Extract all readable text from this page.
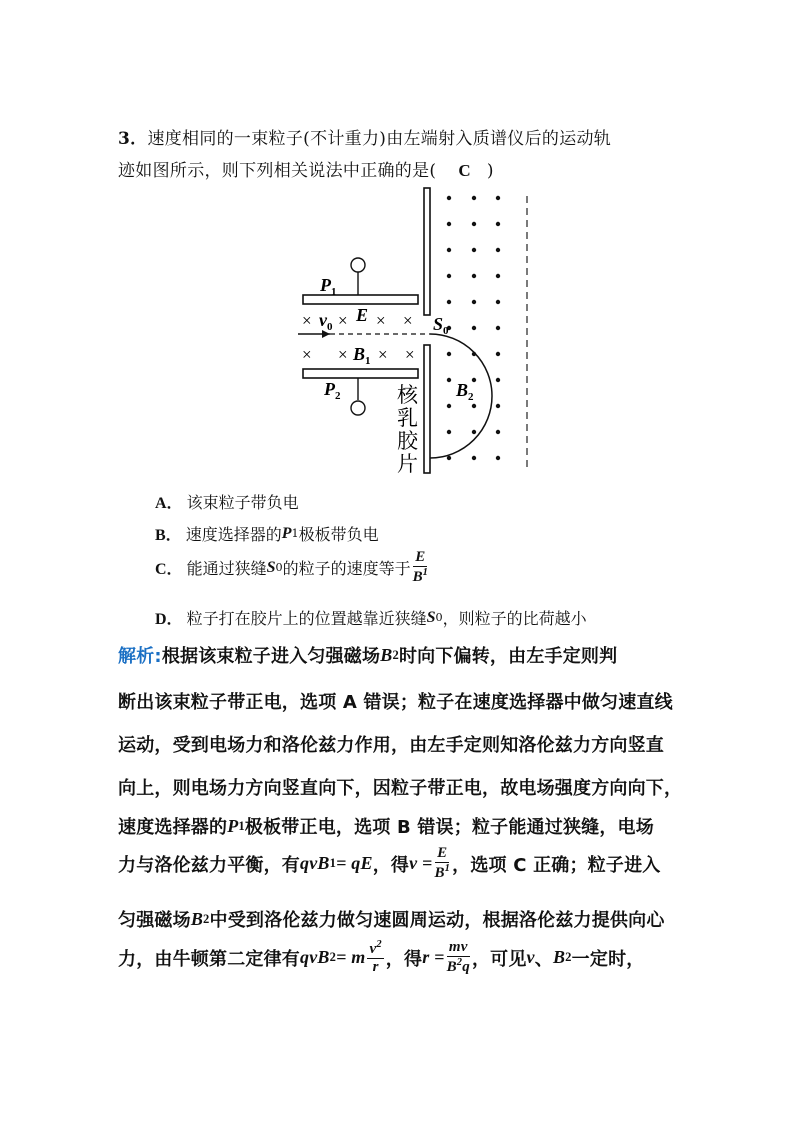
3．速度相同的一束粒子(不计重力)由左端射入质谱仪后的运动轨
迹如图所示，则下列相关说法中正确的是( C )
$P_1$
$P_2$
× $v_0 \times E$ × ×
× × $B_1$ × ×
$S_0$
$B_2$
核
乳
胶
片
A． 该束粒子带负电
B． 速度选择器的 P 1 极板带负电
C． 能通过狭缝 S 0 的粒子的速度等于 $\frac{E}{B^1}$
D． 粒子打在胶片上的位置越靠近狭缝 S 0 ，则粒子的比荷越小
解析: 根据该束粒子进入匀强磁场 B 2 时向下偏转，由左手定则判
断出该束粒子带正电，选项 A 错误；粒子在速度选择器中做匀速直线
运动，受到电场力和洛伦兹力作用，由左手定则知洛伦兹力方向竖直
向上，则电场力方向竖直向下，因粒子带正电，故电场强度方向向下，
速度选择器的 P 1 极板带正电，选项 B 错误；粒子能通过狭缝，电场
力与洛伦兹力平衡，有 qvB 1 = qE ，得 $v = \frac{E}{B^1}$ ，选项 C 正确；粒子进入
匀强磁场 B 2 中受到洛伦兹力做匀速圆周运动，根据洛伦兹力提供向心
力，由牛顿第二定律有 qvB 2 = m $\frac{v^2}{r}$ ，得 $r = \frac{mv}{B^2q}$ ，可见 v 、 B 2 一定时，
